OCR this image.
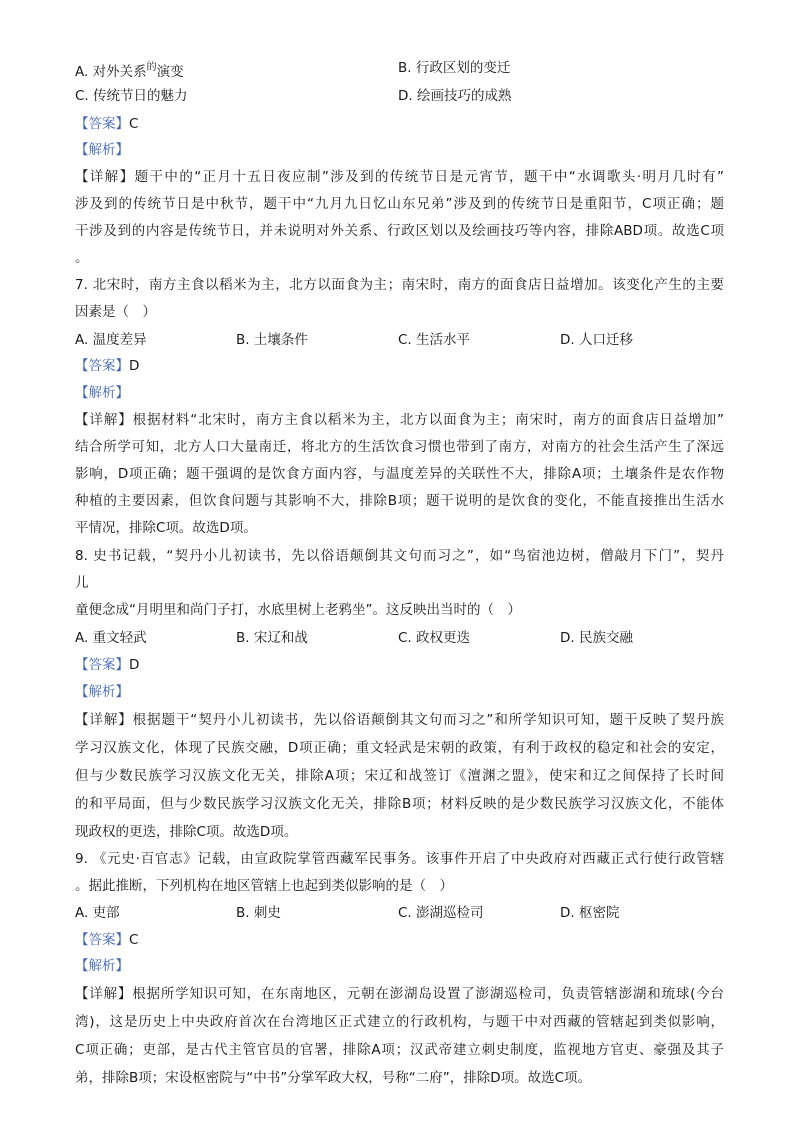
A. 对外关系$^的$演变	B. 行政区划的变迁
C. 传统节日的魅力	D. 绘画技巧的成熟
【答案】C
【解析】
【详解】题干中的“正月十五日夜应制”涉及到的传统节日是元宵节，题干中“水调歌头·明月几时有”
涉及到的传统节日是中秋节，题干中“九月九日忆山东兄弟”涉及到的传统节日是重阳节，C项正确；题
干涉及到的内容是传统节日，并未说明对外关系、行政区划以及绘画技巧等内容，排除ABD项。故选C项
。
7. 北宋时，南方主食以稻米为主，北方以面食为主；南宋时，南方的面食店日益增加。该变化产生的主要
因素是（　）
A. 温度差异	B. 土壤条件	C. 生活水平	D. 人口迁移
【答案】D
【解析】
【详解】根据材料“北宋时，南方主食以稻米为主，北方以面食为主；南宋时，南方的面食店日益增加”
结合所学可知，北方人口大量南迁，将北方的生活饮食习惯也带到了南方，对南方的社会生活产生了深远
影响，D项正确；题干强调的是饮食方面内容，与温度差异的关联性不大，排除A项；土壤条件是农作物
种植的主要因素，但饮食问题与其影响不大，排除B项；题干说明的是饮食的变化，不能直接推出生活水
平情况，排除C项。故选D项。
8. 史书记载，“契丹小儿初读书，先以俗语颠倒其文句而习之”，如“鸟宿池边树，僧敲月下门”，契丹
儿
童便念成“月明里和尚门子打，水底里树上老鸦坐”。这反映出当时的（　）
A. 重文轻武	B. 宋辽和战	C. 政权更迭	D. 民族交融
【答案】D
【解析】
【详解】根据题干“契丹小儿初读书，先以俗语颠倒其文句而习之”和所学知识可知，题干反映了契丹族
学习汉族文化，体现了民族交融，D项正确；重文轻武是宋朝的政策，有利于政权的稳定和社会的安定，
但与少数民族学习汉族文化无关，排除A项；宋辽和战签订《澶渊之盟》，使宋和辽之间保持了长时间
的和平局面，但与少数民族学习汉族文化无关，排除B项；材料反映的是少数民族学习汉族文化，不能体
现政权的更迭，排除C项。故选D项。
9. 《元史·百官志》记载，由宣政院掌管西藏军民事务。该事件开启了中央政府对西藏正式行使行政管辖
。据此推断，下列机构在地区管辖上也起到类似影响的是（　）
A. 吏部	B. 刺史	C. 澎湖巡检司	D. 枢密院
【答案】C
【解析】
【详解】根据所学知识可知，在东南地区，元朝在澎湖岛设置了澎湖巡检司，负责管辖澎湖和琉球(今台
湾)，这是历史上中央政府首次在台湾地区正式建立的行政机构，与题干中对西藏的管辖起到类似影响，
C项正确；吏部，是古代主管官员的官署，排除A项；汉武帝建立刺史制度，监视地方官吏、豪强及其子
弟，排除B项；宋设枢密院与“中书”分掌军政大权，号称“二府”，排除D项。故选C项。
